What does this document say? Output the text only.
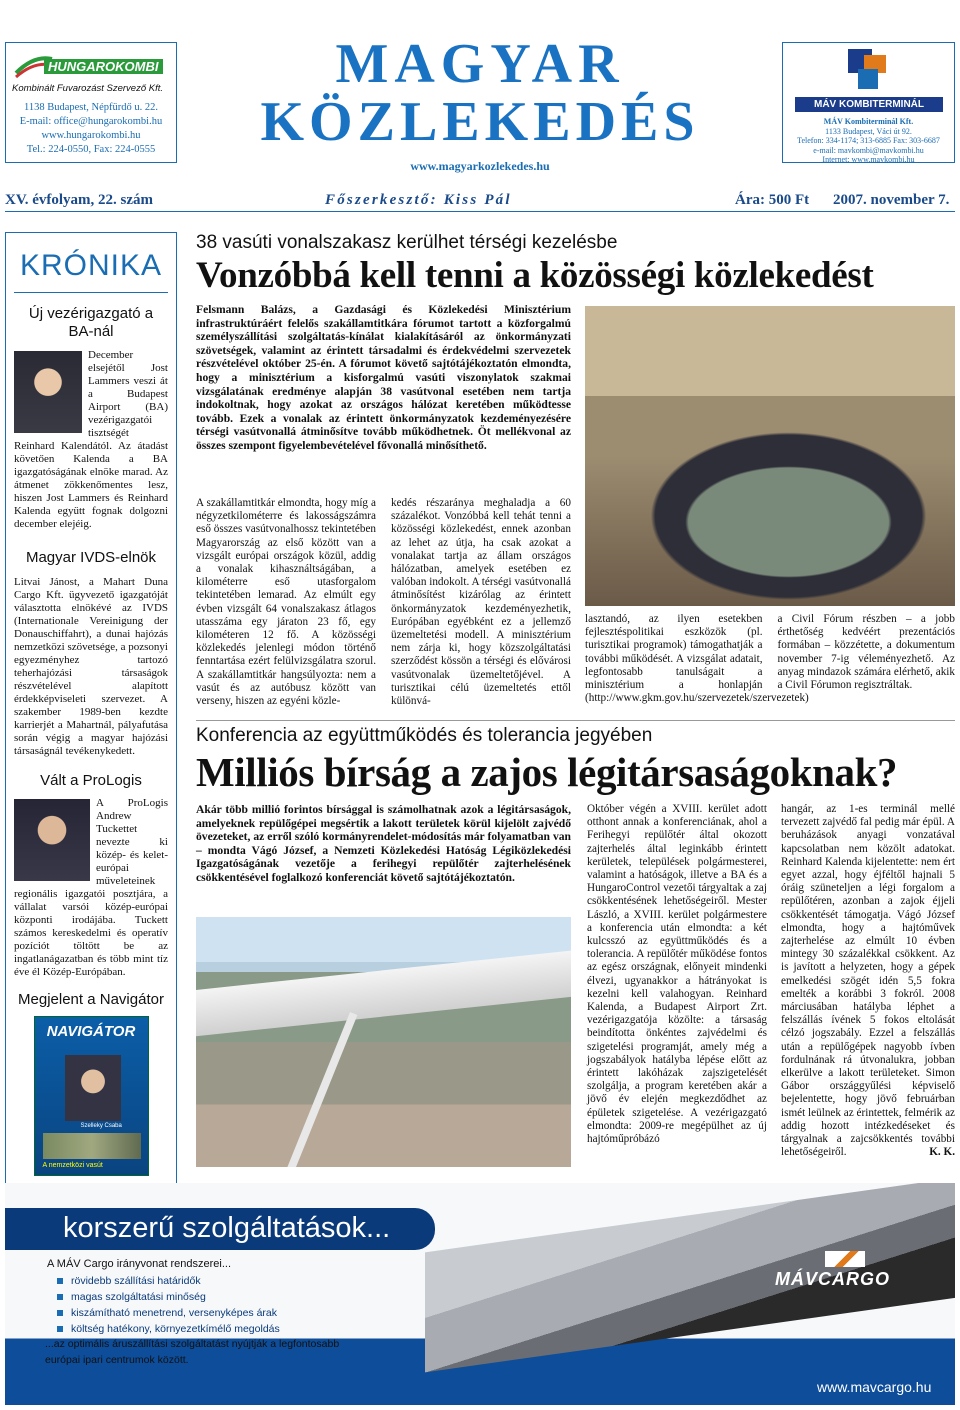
HUNGAROKOMBI
Kombinált Fuvarozást Szervező Kft.
1138 Budapest, Népfürdő u. 22.
E-mail: office@hungarokombi.hu
www.hungarokombi.hu
Tel.: 224-0550, Fax: 224-0555
MAGYAR
KÖZLEKEDÉS
www.magyarkozlekedes.hu
MÁV KOMBITERMINÁL
MÁV Kombiterminál Kft.
1133 Budapest, Váci út 92.
Telefon: 334-1174; 313-6885 Fax: 303-6687
e-mail: mavkombi@mavkombi.hu
Internet: www.mavkombi.hu
XV. évfolyam, 22. szám	Főszerkesztő: Kiss Pál	Ára: 500 Ft 2007. november 7.
KRÓNIKA
Új vezérigazgató a BA-nál

December elsejétől Jost Lammers veszi át a Budapest Airport (BA) vezérigazgatói tisztségét Reinhard Kalendától. Az átadást követően Kalenda a BA igazgatóságának elnöke marad. Az átmenet zökkenőmentes lesz, hiszen Jost Lammers és Reinhard Kalenda együtt fognak dolgozni december elejéig.

Magyar IVDS-elnök

Litvai Jánost, a Mahart Duna Cargo Kft. ügyvezető igazgatóját választotta elnökévé az IVDS (Internationale Vereinigung der Donauschiffahrt), a dunai hajózás nemzetközi szövetsége, a pozsonyi egyezményhez tartozó teherhajózási társaságok részvételével alapított érdekképviseleti szervezet. A szakember 1989-ben kezdte karrierjét a Mahartnál, pályafutása során végig a magyar hajózási társaságnál tevékenykedett.

Vált a ProLogis

A ProLogis Andrew Tuckettet nevezte ki közép- és kelet-európai műveleteinek regionális igazgatói posztjára, a vállalat varsói közép-európai központi irodájába. Tuckett számos kereskedelmi és operatív pozíciót töltött be az ingatlanágazatban és több mint tíz éve él Közép-Európában.

Megjelent a Navigátor
NAVIGÁTOR
Szelleky Csaba
A nemzetközi vasút
38 vasúti vonalszakasz kerülhet térségi kezelésbe
Vonzóbbá kell tenni a közösségi közlekedést

Felsmann Balázs, a Gazdasági és Közlekedési Minisztérium infrastruktúráért felelős szakállamtitkára fórumot tartott a közforgalmú személyszállítási szolgáltatás-kínálat kialakításáról az önkormányzati szövetségek, valamint az érintett társadalmi és érdekvédelmi szervezetek részvételével október 25-én. A fórumot követő sajtótájékoztatón elmondta, hogy a minisztérium a kisforgalmú vasúti viszonylatok szakmai vizsgálatának eredménye alapján 38 vasútvonal esetében nem tartja indokoltnak, hogy azokat az országos hálózat keretében működtesse tovább. Ezek a vonalak az érintett önkormányzatok kezdeményezésére térségi vasútvonallá átminősítve tovább működhetnek. Öt mellékvonal az összes szempont figyelembevételével fővonallá minősíthető.

A szakállamtitkár elmondta, hogy míg a négyzetkilométerre és lakosságszámra eső összes vasútvonalhossz tekintetében Magyarország az első között van a vizsgált európai országok közül, addig a vonalak kihasználtságában, a kilométerre eső utasforgalom tekintetében lemarad. Az elmúlt egy évben vizsgált 64 vonalszakasz átlagos utasszáma egy járaton 23 fő, egy kilométeren 12 fő. A közösségi közlekedés jelenlegi módon történő fenntartása ezért felülvizsgálatra szorul. A szakállamtitkár hangsúlyozta: nem a vasút és az autóbusz között van verseny, hiszen az egyéni közle-

kedés részaránya meghaladja a 60 százalékot. Vonzóbbá kell tehát tenni a közösségi közlekedést, ennek azonban az lehet az útja, ha csak azokat a vonalakat tartja az állam országos hálózatban, amelyek esetében ez valóban indokolt. A térségi vasútvonallá átminősítést kizárólag az érintett önkormányzatok kezdeményezhetik, Európában egyébként ez a jellemző üzemeltetési modell. A minisztérium nem zárja ki, hogy közszolgáltatási szerződést kössön a térségi és elővárosi vasútvonalak üzemeltetőjével. A turisztikai célú üzemeltetés ettől különvá-

lasztandó, az ilyen esetekben fejlesztéspolitikai eszközök (pl. turisztikai programok) támogathatják a további működését. A vizsgálat adatait, legfontosabb tanulságait a minisztérium a honlapján (http://www.gkm.gov.hu/szervezetek/szervezetek) a Civil Fórum részben – a jobb érthetőség kedvéért prezentációs formában – közzétette, a dokumentum november 7-ig véleményezhető. Az anyag mindazok számára elérhető, akik a Civil Fórumon regisztráltak.

Konferencia az együttműködés és tolerancia jegyében
Milliós bírság a zajos légitársaságoknak?

Akár több millió forintos bírsággal is számolhatnak azok a légitársaságok, amelyeknek repülőgépei megsértik a lakott területek körül kijelölt zajvédő övezeteket, az erről szóló kormányrendelet-módosítás már folyamatban van – mondta Vágó József, a Nemzeti Közlekedési Hatóság Légiközlekedési Igazgatóságának vezetője a ferihegyi repülőtér zajterhelésének csökkentésével foglalkozó konferenciát követő sajtótájékoztatón.

Október végén a XVIII. kerület adott otthont annak a konferenciának, ahol a Ferihegyi repülőtér által okozott zajterhelés által leginkább érintett kerületek, települések polgármesterei, valamint a hatóságok, illetve a BA és a HungaroControl vezetői tárgyaltak a zaj csökkentésének lehetőségeiről. Mester László, a XVIII. kerület polgármestere a konferencia után elmondta: a két kulcsszó az együttműködés és a tolerancia. A repülőtér működése fontos az egész országnak, előnyeit mindenki élvezi, ugyanakkor a hátrányokat is kezelni kell valahogyan. Reinhard Kalenda, a Budapest Airport Zrt. vezérigazgatója közölte: a társaság beindította önkéntes zajvédelmi és szigetelési programját, amely még a jogszabályok hatályba lépése előtt az érintett lakóházak zajszigetelését szolgálja, a program keretében akár a jövő év elején megkezdődhet az épületek szigetelése. A vezérigazgató elmondta: 2009-re megépülhet az új hajtóműpróbázó

hangár, az 1-es terminál mellé tervezett zajvédő fal pedig már épül. A beruházások anyagi vonzatával kapcsolatban nem közölt adatokat. Reinhard Kalenda kijelentette: nem ért egyet azzal, hogy éjféltől hajnali 5 óráig szüneteljen a légi forgalom a repülőtéren, azonban a zajok éjjeli csökkentését támogatja. Vágó József elmondta, hogy a hajtóművek zajterhelése az elmúlt 10 évben mintegy 30 százalékkal csökkent. Az is javított a helyzeten, hogy a gépek emelkedési szögét idén 5,5 fokra emelték a korábbi 3 fokról. 2008 márciusában hatályba léphet a felszállás ívének 5 fokos eltolását célzó jogszabály. Ezzel a felszállás után a repülőgépek nagyobb ívben fordulnának rá útvonalukra, jobban elkerülve a lakott területeket. Simon Gábor országgyűlési képviselő bejelentette, hogy jövő februárban ismét leülnek az érintettek, felmérik az addig hozott intézkedéseket és tárgyalnak a zajcsökkentés további lehetőségeiről.	K. K.

korszerű szolgáltatások...
A MÁV Cargo irányvonat rendszerei...
rövidebb szállítási határidők
magas szolgáltatási minőség
kiszámítható menetrend, versenyképes árak
költség hatékony, környezetkímélő megoldás
...az optimális áruszállítási szolgáltatást nyújtják a legfontosabb
európai ipari centrumok között.
MÁVCARGO
www.mavcargo.hu
